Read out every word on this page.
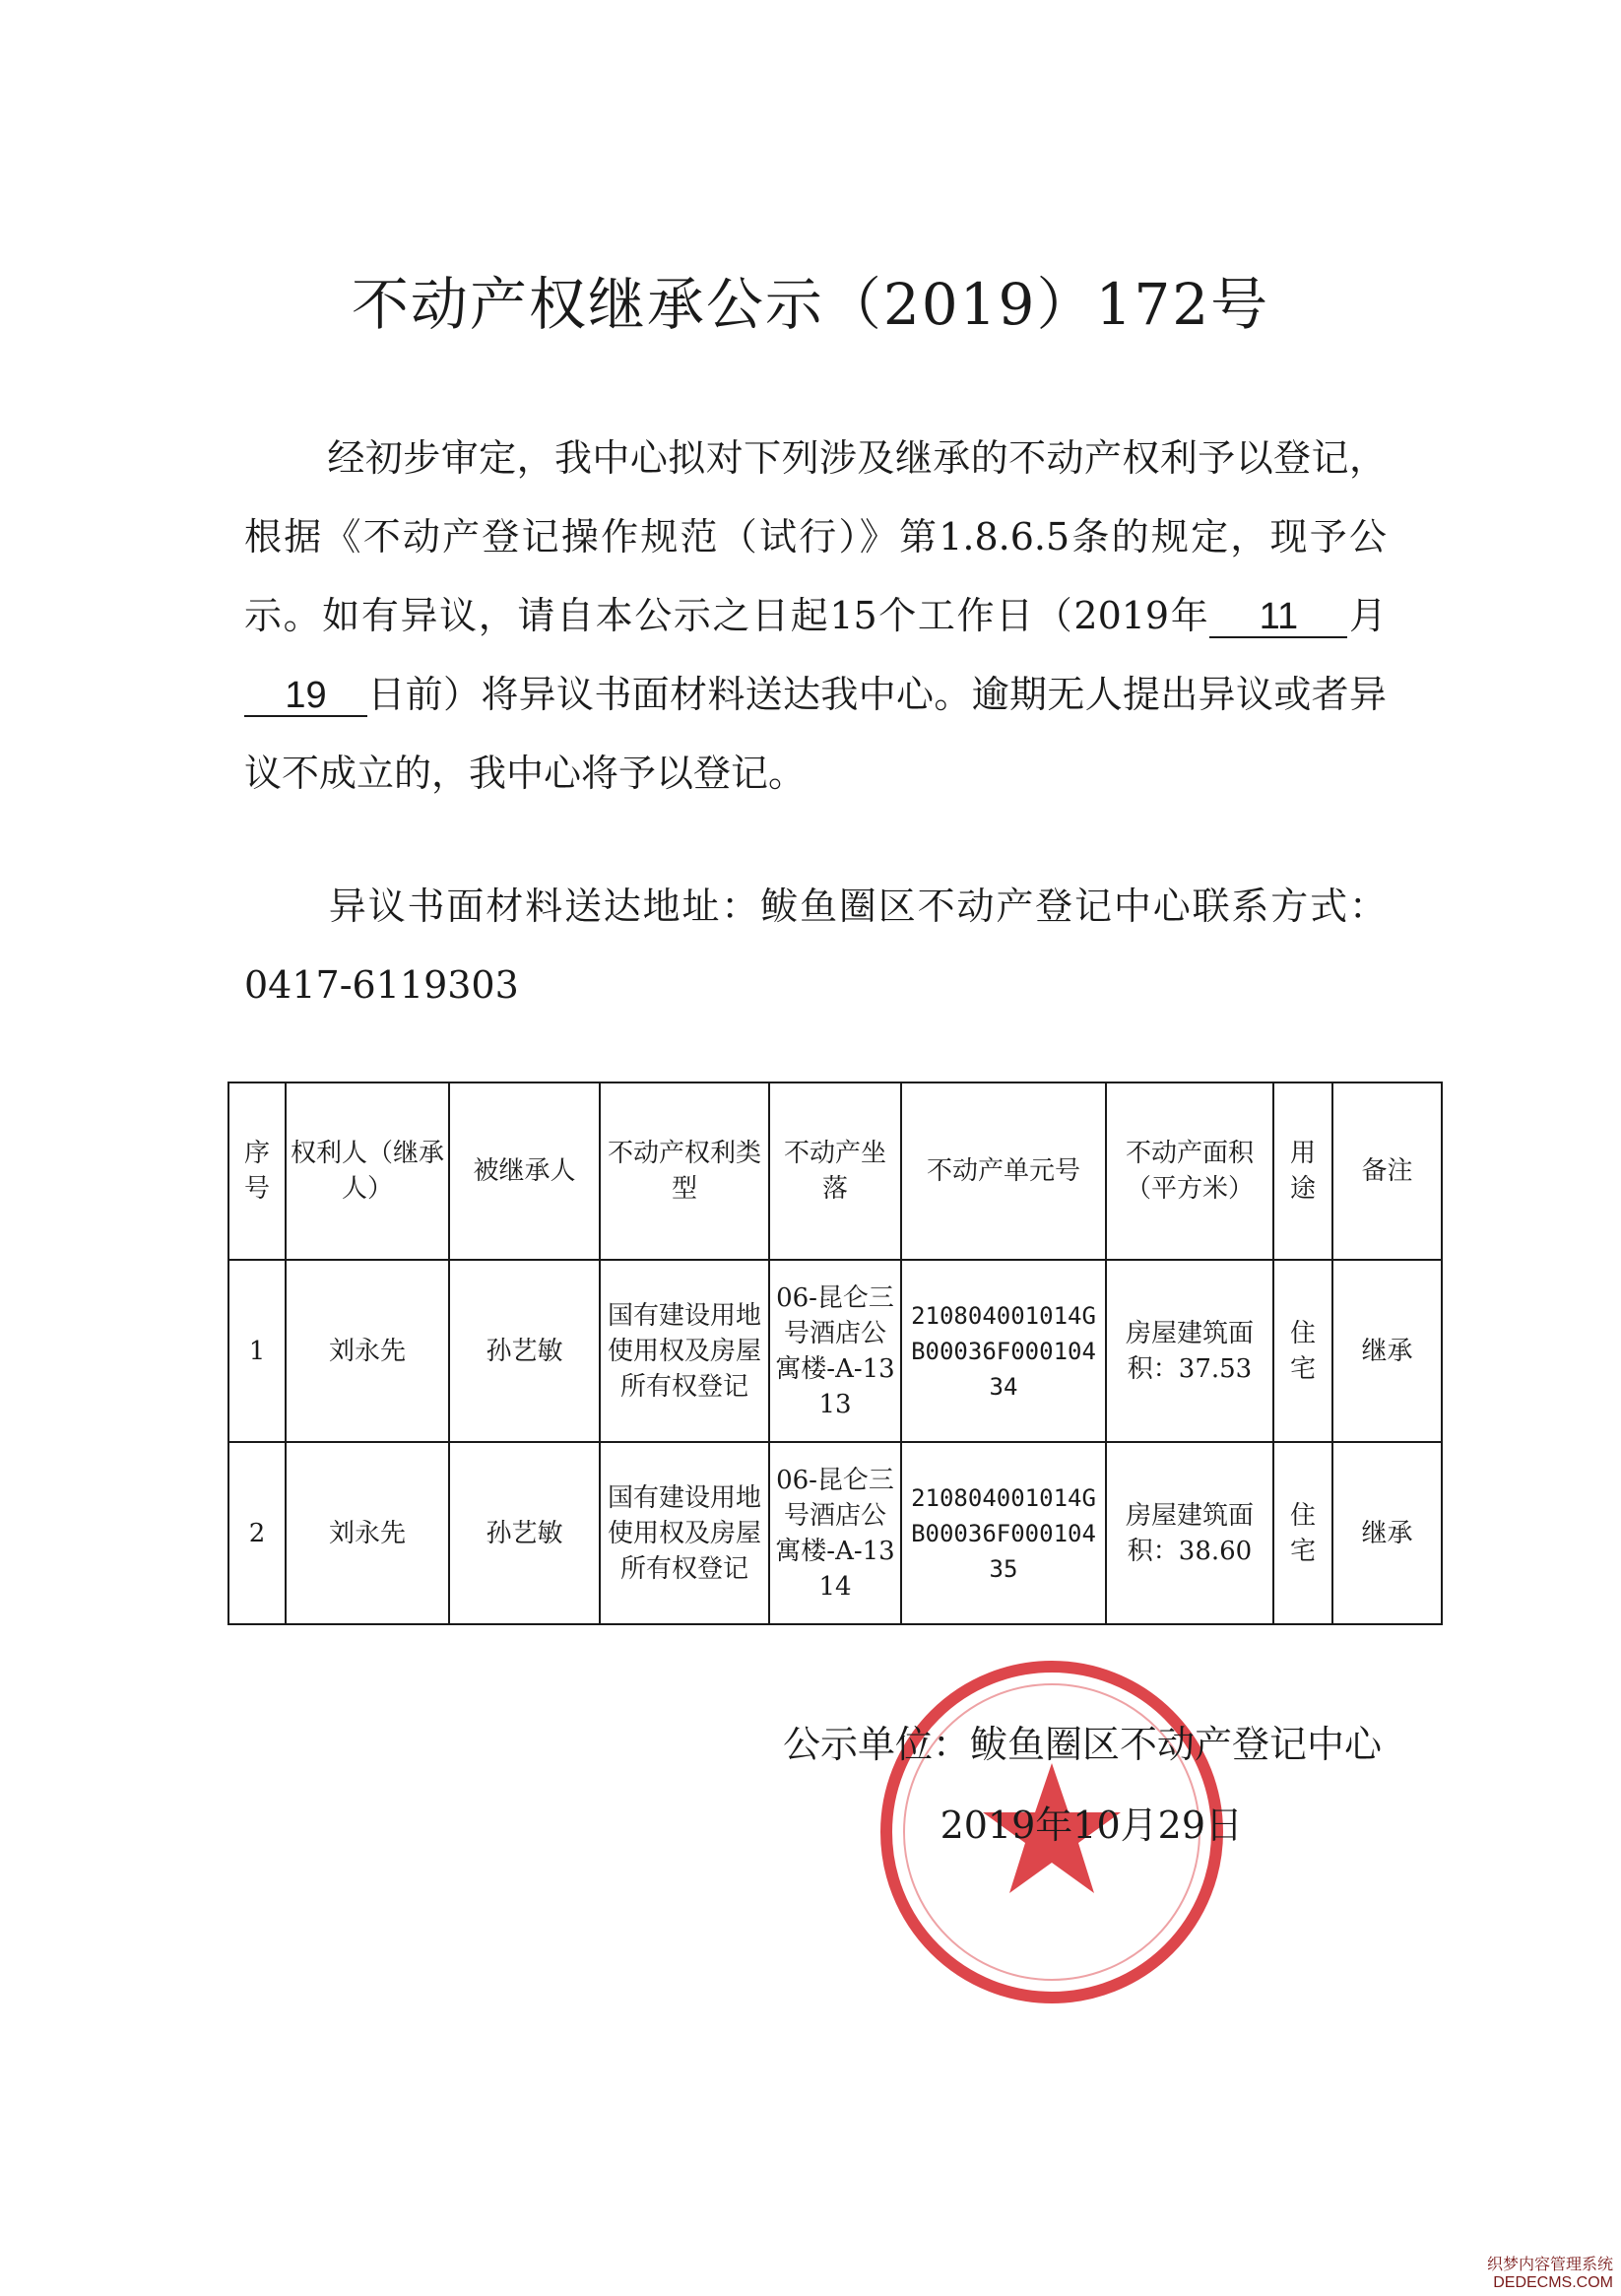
不动产权继承公示（2019）172号
经初步审定，我中心拟对下列涉及继承的不动产权利予以登记，根据《不动产登记操作规范（试行）》第1.8.6.5条的规定，现予公示。如有异议，请自本公示之日起15个工作日（2019年 11 月19 日前）将异议书面材料送达我中心。逾期无人提出异议或者异议不成立的，我中心将予以登记。
异议书面材料送达地址：鲅鱼圈区不动产登记中心联系方式：0417-6119303
序号	权利人（继承人）	被继承人	不动产权利类型	不动产坐落	不动产单元号	不动产面积（平方米）	用途	备注
1	刘永先	孙艺敏	国有建设用地使用权及房屋所有权登记	06-昆仑三号酒店公寓楼-A-1313	210804001014GB00036F00010434	房屋建筑面积：37.53	住宅	继承
2	刘永先	孙艺敏	国有建设用地使用权及房屋所有权登记	06-昆仑三号酒店公寓楼-A-1314	210804001014GB00036F00010435	房屋建筑面积：38.60	住宅	继承
公示单位：鲅鱼圈区不动产登记中心
2019年10月29日
织梦内容管理系统
DEDECMS.COM
